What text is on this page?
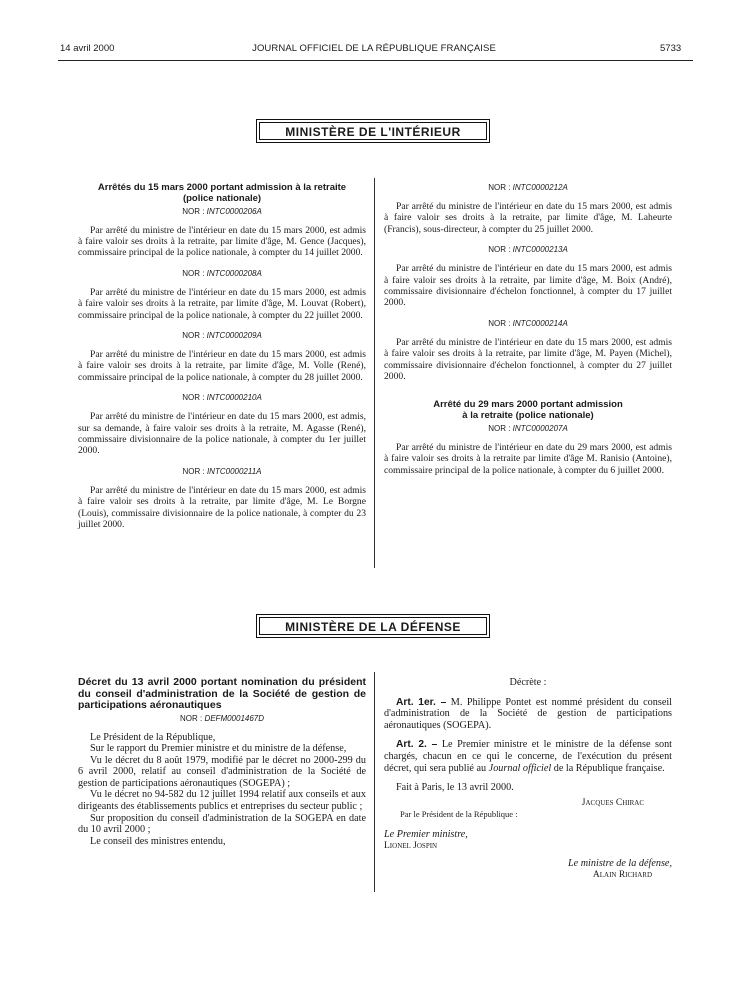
14 avril 2000	JOURNAL OFFICIEL DE LA RÉPUBLIQUE FRANÇAISE	5733
MINISTÈRE DE L'INTÉRIEUR
Arrêtés du 15 mars 2000 portant admission à la retraite
(police nationale)
NOR : INTC0000206A

Par arrêté du ministre de l'intérieur en date du 15 mars 2000, est admis à faire valoir ses droits à la retraite, par limite d'âge, M. Gence (Jacques), commissaire principal de la police nationale, à compter du 14 juillet 2000.

NOR : INTC0000208A

Par arrêté du ministre de l'intérieur en date du 15 mars 2000, est admis à faire valoir ses droits à la retraite, par limite d'âge, M. Louvat (Robert), commissaire principal de la police nationale, à compter du 22 juillet 2000.

NOR : INTC0000209A

Par arrêté du ministre de l'intérieur en date du 15 mars 2000, est admis à faire valoir ses droits à la retraite, par limite d'âge, M. Volle (René), commissaire principal de la police nationale, à compter du 28 juillet 2000.

NOR : INTC0000210A

Par arrêté du ministre de l'intérieur en date du 15 mars 2000, est admis, sur sa demande, à faire valoir ses droits à la retraite, M. Agasse (René), commissaire divisionnaire de la police nationale, à compter du 1er juillet 2000.

NOR : INTC0000211A

Par arrêté du ministre de l'intérieur en date du 15 mars 2000, est admis à faire valoir ses droits à la retraite, par limite d'âge, M. Le Borgne (Louis), commissaire divisionnaire de la police nationale, à compter du 23 juillet 2000.

NOR : INTC0000212A

Par arrêté du ministre de l'intérieur en date du 15 mars 2000, est admis à faire valoir ses droits à la retraite, par limite d'âge, M. Laheurte (Francis), sous-directeur, à compter du 25 juillet 2000.

NOR : INTC0000213A

Par arrêté du ministre de l'intérieur en date du 15 mars 2000, est admis à faire valoir ses droits à la retraite, par limite d'âge, M. Boix (André), commissaire divisionnaire d'échelon fonctionnel, à compter du 17 juillet 2000.

NOR : INTC0000214A

Par arrêté du ministre de l'intérieur en date du 15 mars 2000, est admis à faire valoir ses droits à la retraite, par limite d'âge, M. Payen (Michel), commissaire divisionnaire d'échelon fonctionnel, à compter du 27 juillet 2000.

Arrêté du 29 mars 2000 portant admission
à la retraite (police nationale)
NOR : INTC0000207A

Par arrêté du ministre de l'intérieur en date du 29 mars 2000, est admis à faire valoir ses droits à la retraite par limite d'âge M. Ranisio (Antoine), commissaire principal de la police nationale, à compter du 6 juillet 2000.

MINISTÈRE DE LA DÉFENSE
Décret du 13 avril 2000 portant nomination du président du conseil d'administration de la Société de gestion de participations aéronautiques
NOR : DEFM0001467D

Le Président de la République,

Sur le rapport du Premier ministre et du ministre de la défense,

Vu le décret du 8 août 1979, modifié par le décret no 2000-299 du 6 avril 2000, relatif au conseil d'administration de la Société de gestion de participations aéronautiques (SOGEPA) ;

Vu le décret no 94-582 du 12 juillet 1994 relatif aux conseils et aux dirigeants des établissements publics et entreprises du secteur public ;

Sur proposition du conseil d'administration de la SOGEPA en date du 10 avril 2000 ;

Le conseil des ministres entendu,

Décrète :

Art. 1er. – M. Philippe Pontet est nommé président du conseil d'administration de la Société de gestion de participations aéronautiques (SOGEPA).

Art. 2. – Le Premier ministre et le ministre de la défense sont chargés, chacun en ce qui le concerne, de l'exécution du présent décret, qui sera publié au Journal officiel de la République française.

Fait à Paris, le 13 avril 2000.

Jacques Chirac

Par le Président de la République :

Le Premier ministre,

Lionel Jospin

Le ministre de la défense,

Alain Richard
